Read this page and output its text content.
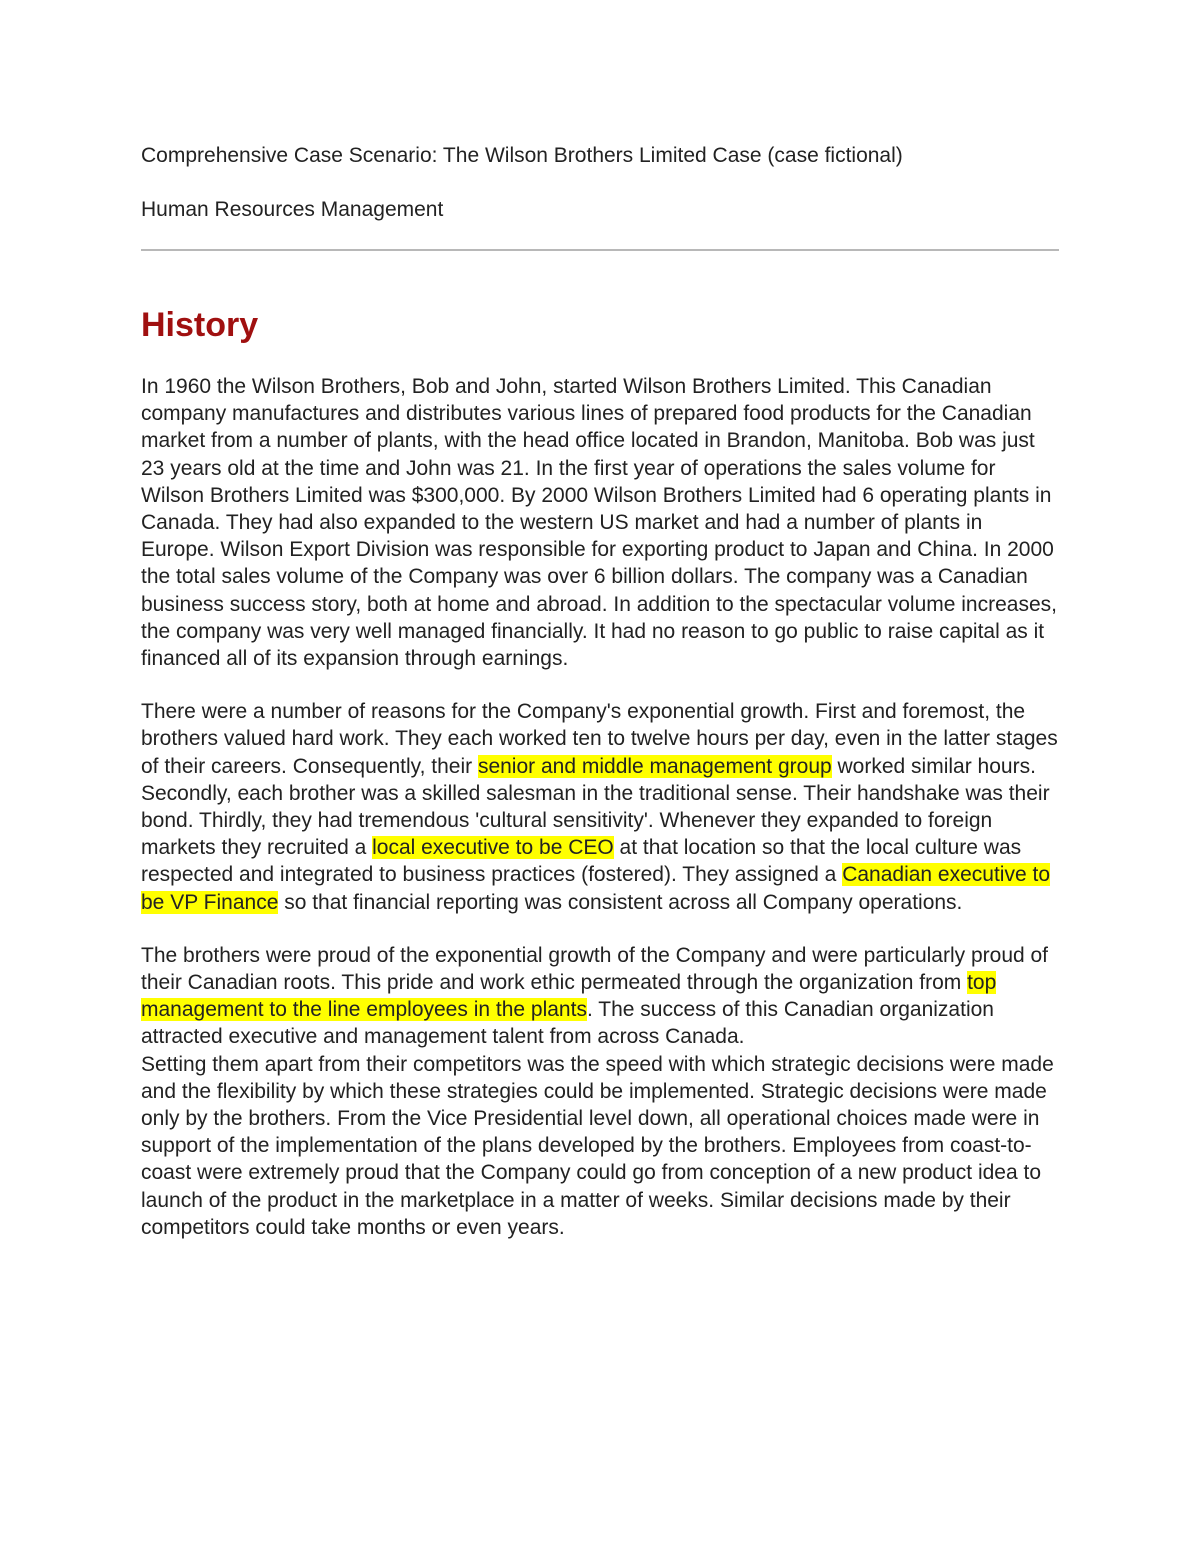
Comprehensive Case Scenario: The Wilson Brothers Limited Case (case fictional)

Human Resources Management

History

In 1960 the Wilson Brothers, Bob and John, started Wilson Brothers Limited. This Canadian company manufactures and distributes various lines of prepared food products for the Canadian market from a number of plants, with the head office located in Brandon, Manitoba. Bob was just 23 years old at the time and John was 21. In the first year of operations the sales volume for Wilson Brothers Limited was $300,000. By 2000 Wilson Brothers Limited had 6 operating plants in Canada. They had also expanded to the western US market and had a number of plants in Europe. Wilson Export Division was responsible for exporting product to Japan and China. In 2000 the total sales volume of the Company was over 6 billion dollars. The company was a Canadian business success story, both at home and abroad. In addition to the spectacular volume increases, the company was very well managed financially. It had no reason to go public to raise capital as it financed all of its expansion through earnings.

There were a number of reasons for the Company's exponential growth. First and foremost, the brothers valued hard work. They each worked ten to twelve hours per day, even in the latter stages of their careers. Consequently, their senior and middle management group worked similar hours. Secondly, each brother was a skilled salesman in the traditional sense. Their handshake was their bond. Thirdly, they had tremendous 'cultural sensitivity'. Whenever they expanded to foreign markets they recruited a local executive to be CEO at that location so that the local culture was respected and integrated to business practices (fostered). They assigned a Canadian executive to be VP Finance so that financial reporting was consistent across all Company operations.

The brothers were proud of the exponential growth of the Company and were particularly proud of their Canadian roots. This pride and work ethic permeated through the organization from top management to the line employees in the plants. The success of this Canadian organization attracted executive and management talent from across Canada.

Setting them apart from their competitors was the speed with which strategic decisions were made and the flexibility by which these strategies could be implemented. Strategic decisions were made only by the brothers. From the Vice Presidential level down, all operational choices made were in support of the implementation of the plans developed by the brothers. Employees from coast-to-coast were extremely proud that the Company could go from conception of a new product idea to launch of the product in the marketplace in a matter of weeks. Similar decisions made by their competitors could take months or even years.
